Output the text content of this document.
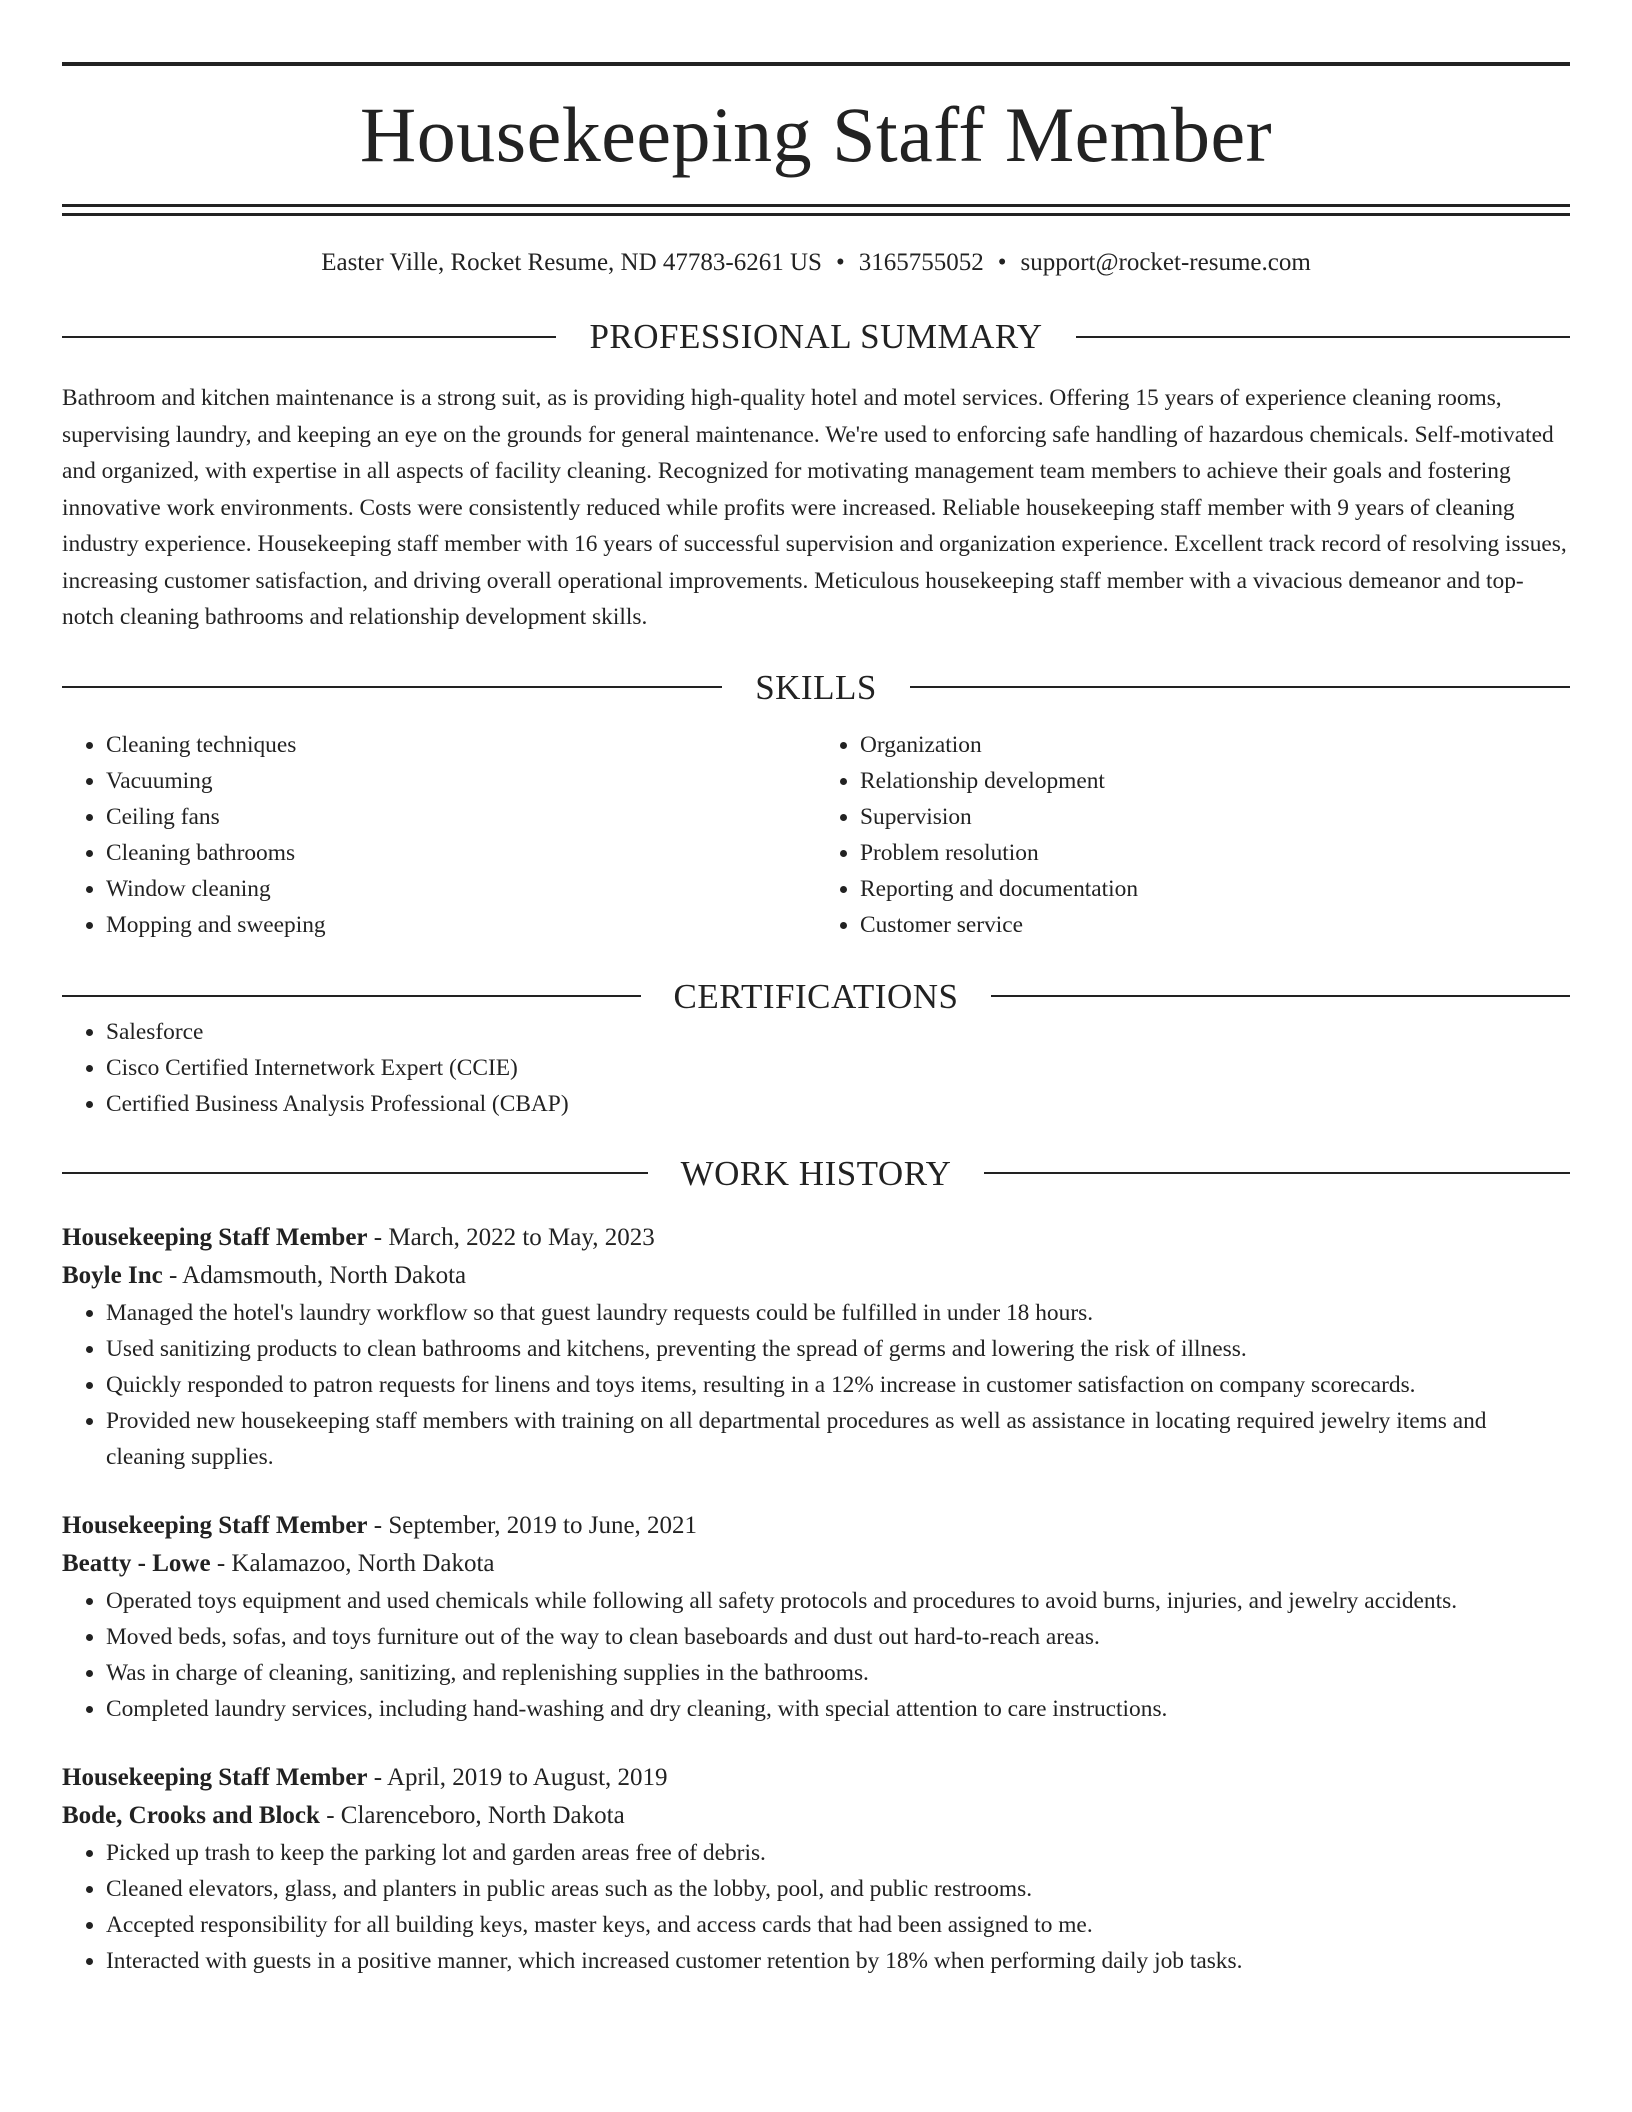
Housekeeping Staff Member
Easter Ville, Rocket Resume, ND 47783-6261 US • 3165755052 • support@rocket-resume.com
PROFESSIONAL SUMMARY

Bathroom and kitchen maintenance is a strong suit, as is providing high-quality hotel and motel services. Offering 15 years of experience cleaning rooms, supervising laundry, and keeping an eye on the grounds for general maintenance. We're used to enforcing safe handling of hazardous chemicals. Self-motivated and organized, with expertise in all aspects of facility cleaning. Recognized for motivating management team members to achieve their goals and fostering innovative work environments. Costs were consistently reduced while profits were increased. Reliable housekeeping staff member with 9 years of cleaning industry experience. Housekeeping staff member with 16 years of successful supervision and organization experience. Excellent track record of resolving issues, increasing customer satisfaction, and driving overall operational improvements. Meticulous housekeeping staff member with a vivacious demeanor and top-notch cleaning bathrooms and relationship development skills.

SKILLS
• Cleaning techniques
• Vacuuming
• Ceiling fans
• Cleaning bathrooms
• Window cleaning
• Mopping and sweeping
• Organization
• Relationship development
• Supervision
• Problem resolution
• Reporting and documentation
• Customer service
CERTIFICATIONS
• Salesforce
• Cisco Certified Internetwork Expert (CCIE)
• Certified Business Analysis Professional (CBAP)
WORK HISTORY
Housekeeping Staff Member - March, 2022 to May, 2023
Boyle Inc - Adamsmouth, North Dakota
• Managed the hotel's laundry workflow so that guest laundry requests could be fulfilled in under 18 hours.
• Used sanitizing products to clean bathrooms and kitchens, preventing the spread of germs and lowering the risk of illness.
• Quickly responded to patron requests for linens and toys items, resulting in a 12% increase in customer satisfaction on company scorecards.
• Provided new housekeeping staff members with training on all departmental procedures as well as assistance in locating required jewelry items and cleaning supplies.
Housekeeping Staff Member - September, 2019 to June, 2021
Beatty - Lowe - Kalamazoo, North Dakota
• Operated toys equipment and used chemicals while following all safety protocols and procedures to avoid burns, injuries, and jewelry accidents.
• Moved beds, sofas, and toys furniture out of the way to clean baseboards and dust out hard-to-reach areas.
• Was in charge of cleaning, sanitizing, and replenishing supplies in the bathrooms.
• Completed laundry services, including hand-washing and dry cleaning, with special attention to care instructions.
Housekeeping Staff Member - April, 2019 to August, 2019
Bode, Crooks and Block - Clarenceboro, North Dakota
• Picked up trash to keep the parking lot and garden areas free of debris.
• Cleaned elevators, glass, and planters in public areas such as the lobby, pool, and public restrooms.
• Accepted responsibility for all building keys, master keys, and access cards that had been assigned to me.
• Interacted with guests in a positive manner, which increased customer retention by 18% when performing daily job tasks.
